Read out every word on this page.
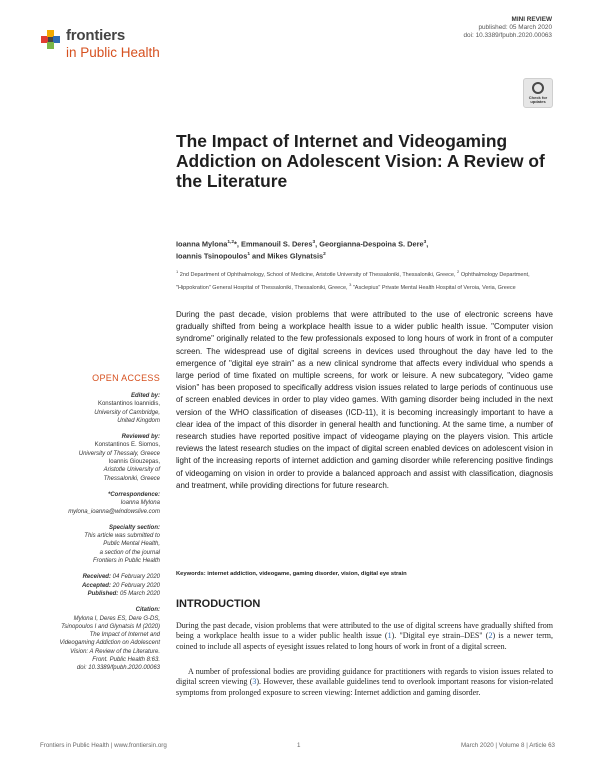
frontiers
in Public Health
MINI REVIEW
published: 05 March 2020
doi: 10.3389/fpubh.2020.00063
Check for
updates
The Impact of Internet and Videogaming Addiction on Adolescent Vision: A Review of the Literature
Ioanna Mylona$^{1,2}$*, Emmanouil S. Deres$^3$, Georgianna-Despoina S. Dere$^3$,
Ioannis Tsinopoulos$^1$ and Mikes Glynatsis$^2$
$^1$ 2nd Department of Ophthalmology, School of Medicine, Aristotle University of Thessaloniki, Thessaloniki, Greece, $^2$ Ophthalmology Department, "Hippokration" General Hospital of Thessaloniki, Thessaloniki, Greece, $^3$ "Asclepius" Private Mental Health Hospital of Veroia, Veria, Greece
During the past decade, vision problems that were attributed to the use of electronic screens have gradually shifted from being a workplace health issue to a wider public health issue. "Computer vision syndrome" originally related to the few professionals exposed to long hours of work in front of a computer screen. The widespread use of digital screens in devices used throughout the day have led to the emergence of "digital eye strain" as a new clinical syndrome that affects every individual who spends a large period of time fixated on multiple screens, for work or leisure. A new subcategory, "video game vision" has been proposed to specifically address vision issues related to large periods of continuous use of screen enabled devices in order to play video games. With gaming disorder being included in the next version of the WHO classification of diseases (ICD-11), it is becoming increasingly important to have a clear idea of the impact of this disorder in general health and functioning. At the same time, a number of research studies have reported positive impact of videogame playing on the players vision. This article reviews the latest research studies on the impact of digital screen enabled devices on adolescent vision in light of the increasing reports of internet addiction and gaming disorder while referencing positive findings of videogaming on vision in order to provide a balanced approach and assist with classification, diagnosis and treatment, while providing directions for future research.
Keywords: internet addiction, videogame, gaming disorder, vision, digital eye strain
INTRODUCTION
During the past decade, vision problems that were attributed to the use of digital screens have gradually shifted from being a workplace health issue to a wider public health issue (1). "Digital eye strain–DES" (2) is a newer term, coined to include all aspects of eyesight issues related to long hours of work in front of a digital screen.
A number of professional bodies are providing guidance for practitioners with regards to vision issues related to digital screen viewing (3). However, these available guidelines tend to overlook important reasons for vision-related symptoms from prolonged exposure to screen viewing: Internet addiction and gaming disorder.
OPEN ACCESS
Edited by:
Konstantinos Ioannidis,
University of Cambridge,
United Kingdom
Reviewed by:
Konstantinos E. Siomos,
University of Thessaly, Greece
Ioannis Giouzepas,
Aristotle University of
Thessaloniki, Greece
*Correspondence:
Ioanna Mylona
mylona_ioanna@windowslive.com
Specialty section:
This article was submitted to
Public Mental Health,
a section of the journal
Frontiers in Public Health
Received: 04 February 2020
Accepted: 20 February 2020
Published: 05 March 2020
Citation:
Mylona I, Deres ES, Dere G-DS,
Tsinopoulos I and Glynatsis M (2020)
The Impact of Internet and
Videogaming Addiction on Adolescent
Vision: A Review of the Literature.
Front. Public Health 8:63.
doi: 10.3389/fpubh.2020.00063
Frontiers in Public Health | www.frontiersin.org	1	March 2020 | Volume 8 | Article 63
